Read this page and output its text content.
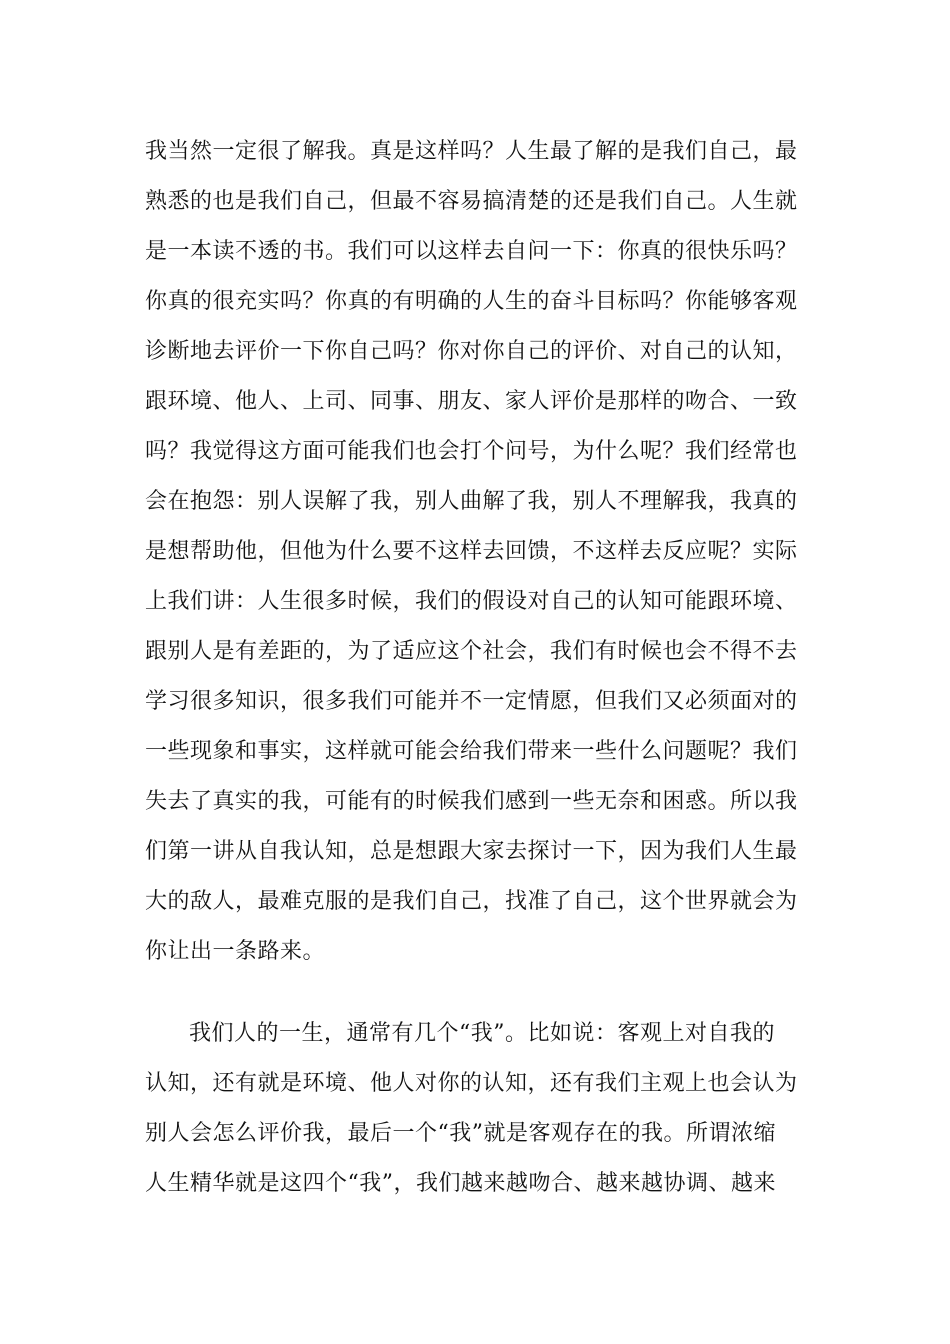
我当然一定很了解我。真是这样吗？人生最了解的是我们自己，最
熟悉的也是我们自己，但最不容易搞清楚的还是我们自己。人生就
是一本读不透的书。我们可以这样去自问一下：你真的很快乐吗？
你真的很充实吗？你真的有明确的人生的奋斗目标吗？你能够客观
诊断地去评价一下你自己吗？你对你自己的评价、对自己的认知，
跟环境、他人、上司、同事、朋友、家人评价是那样的吻合、一致
吗？我觉得这方面可能我们也会打个问号，为什么呢？我们经常也
会在抱怨：别人误解了我，别人曲解了我，别人不理解我，我真的
是想帮助他，但他为什么要不这样去回馈，不这样去反应呢？实际
上我们讲：人生很多时候，我们的假设对自己的认知可能跟环境、
跟别人是有差距的，为了适应这个社会，我们有时候也会不得不去
学习很多知识，很多我们可能并不一定情愿，但我们又必须面对的
一些现象和事实，这样就可能会给我们带来一些什么问题呢？我们
失去了真实的我，可能有的时候我们感到一些无奈和困惑。所以我
们第一讲从自我认知，总是想跟大家去探讨一下，因为我们人生最
大的敌人，最难克服的是我们自己，找准了自己，这个世界就会为
你让出一条路来。
我们人的一生，通常有几个“我”。比如说：客观上对自我的
认知，还有就是环境、他人对你的认知，还有我们主观上也会认为
别人会怎么评价我，最后一个“我”就是客观存在的我。所谓浓缩
人生精华就是这四个“我”，我们越来越吻合、越来越协调、越来
